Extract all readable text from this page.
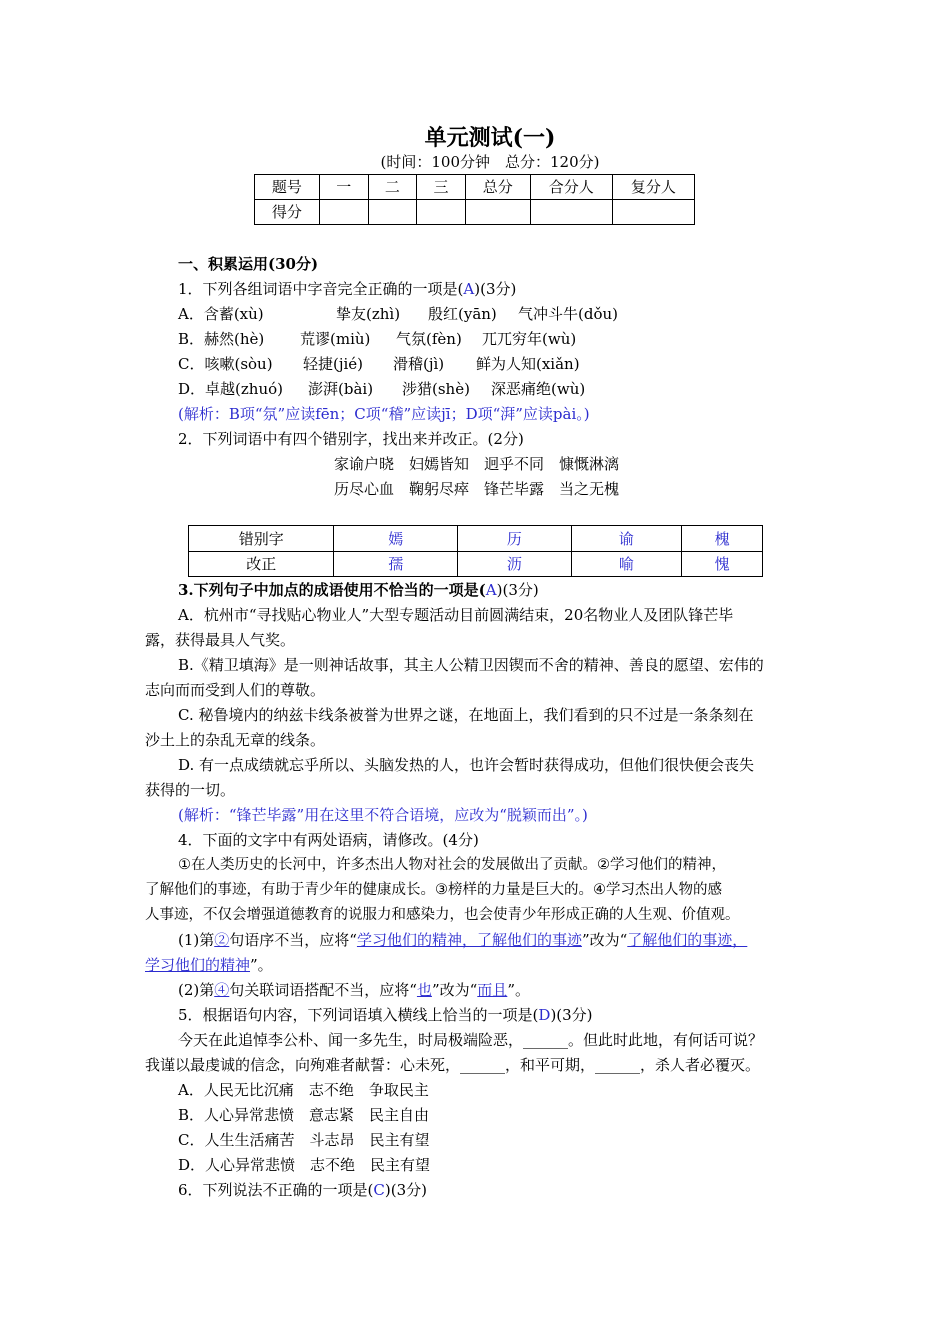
单元测试(一)
(时间：100分钟　总分：120分)
题号	一	二	三	总分	合分人	复分人
得分						
一、积累运用(30分)
1．下列各组词语中字音完全正确的一项是(A)(3分)
A．含蓄(xù)	挚友(zhì) 殷红(yān) 气冲斗牛(dǒu)
B．赫然(hè) 荒谬(miù) 气氛(fèn) 兀兀穷年(wù)
C．咳嗽(sòu) 轻捷(jié) 滑稽(jì) 鲜为人知(xiǎn)
D．卓越(zhuó) 澎湃(bài) 涉猎(shè) 深恶痛绝(wù)
(解析：B项“氛”应读fēn；C项“稽”应读jī；D项“湃”应读pài。)
2．下列词语中有四个错别字，找出来并改正。(2分)
家谕户晓　妇嫣皆知　迥乎不同　慷慨淋漓
历尽心血　鞠躬尽瘁　锋芒毕露　当之无槐
错别字	嫣	历	谕	槐
改正	孺	沥	喻	愧
3.下列句子中加点的成语使用不恰当的一项是(A)(3分)
A．杭州市“寻找贴心物业人”大型专题活动目前圆满结束，20名物业人及团队锋芒毕
露，获得最具人气奖。
B.《精卫填海》是一则神话故事，其主人公精卫因锲而不舍的精神、善良的愿望、宏伟的
志向而而受到人们的尊敬。
C. 秘鲁境内的纳兹卡线条被誉为世界之谜，在地面上，我们看到的只不过是一条条刻在
沙土上的杂乱无章的线条。
D. 有一点成绩就忘乎所以、头脑发热的人，也许会暂时获得成功，但他们很快便会丧失
获得的一切。
(解析：“锋芒毕露”用在这里不符合语境，应改为“脱颖而出”。)
4．下面的文字中有两处语病，请修改。(4分)
①在人类历史的长河中，许多杰出人物对社会的发展做出了贡献。②学习他们的精神，
了解他们的事迹，有助于青少年的健康成长。③榜样的力量是巨大的。④学习杰出人物的感
人事迹，不仅会增强道德教育的说服力和感染力，也会使青少年形成正确的人生观、价值观。
(1)第②句语序不当，应将“学习他们的精神，了解他们的事迹”改为“了解他们的事迹，
学习他们的精神”。
(2)第④句关联词语搭配不当，应将“也”改为“而且”。
5．根据语句内容，下列词语填入横线上恰当的一项是(D)(3分)
今天在此追悼李公朴、闻一多先生，时局极端险恶，______。但此时此地，有何话可说？
我谨以最虔诚的信念，向殉难者献誓：心未死，______，和平可期，______，杀人者必覆灭。
A．人民无比沉痛　志不绝　争取民主
B．人心异常悲愤　意志紧　民主自由
C．人生生活痛苦　斗志昂　民主有望
D．人心异常悲愤　志不绝　民主有望
6．下列说法不正确的一项是(C)(3分)
